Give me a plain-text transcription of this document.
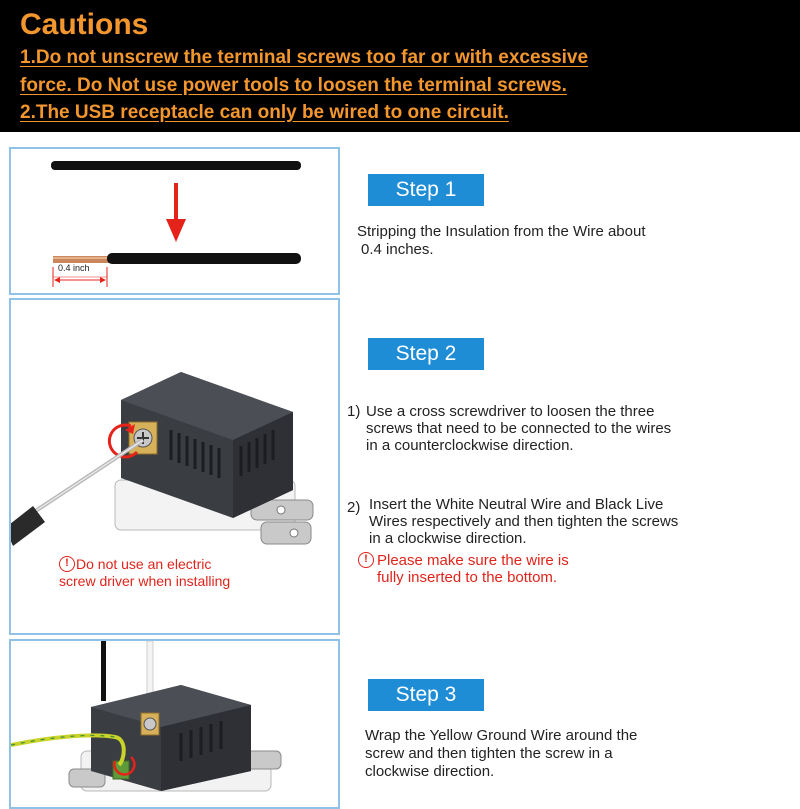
Cautions
1.Do not unscrew the terminal screws too far or with excessive
force. Do Not use power tools to loosen the terminal screws.
2.The USB receptacle can only be wired to one circuit.
0.4 inch
Step 1
Stripping the Insulation from the Wire about
0.4 inches.
! Do not use an electric
screw driver when installing
Step 2
1) Use a cross screwdriver to loosen the three
screws that need to be connected to the wires
in a counterclockwise direction.
2) Insert the White Neutral Wire and Black Live
Wires respectively and then tighten the screws
in a clockwise direction.
! Please make sure the wire is
fully inserted to the bottom.
Step 3
Wrap the Yellow Ground Wire around the
screw and then tighten the screw in a
clockwise direction.
